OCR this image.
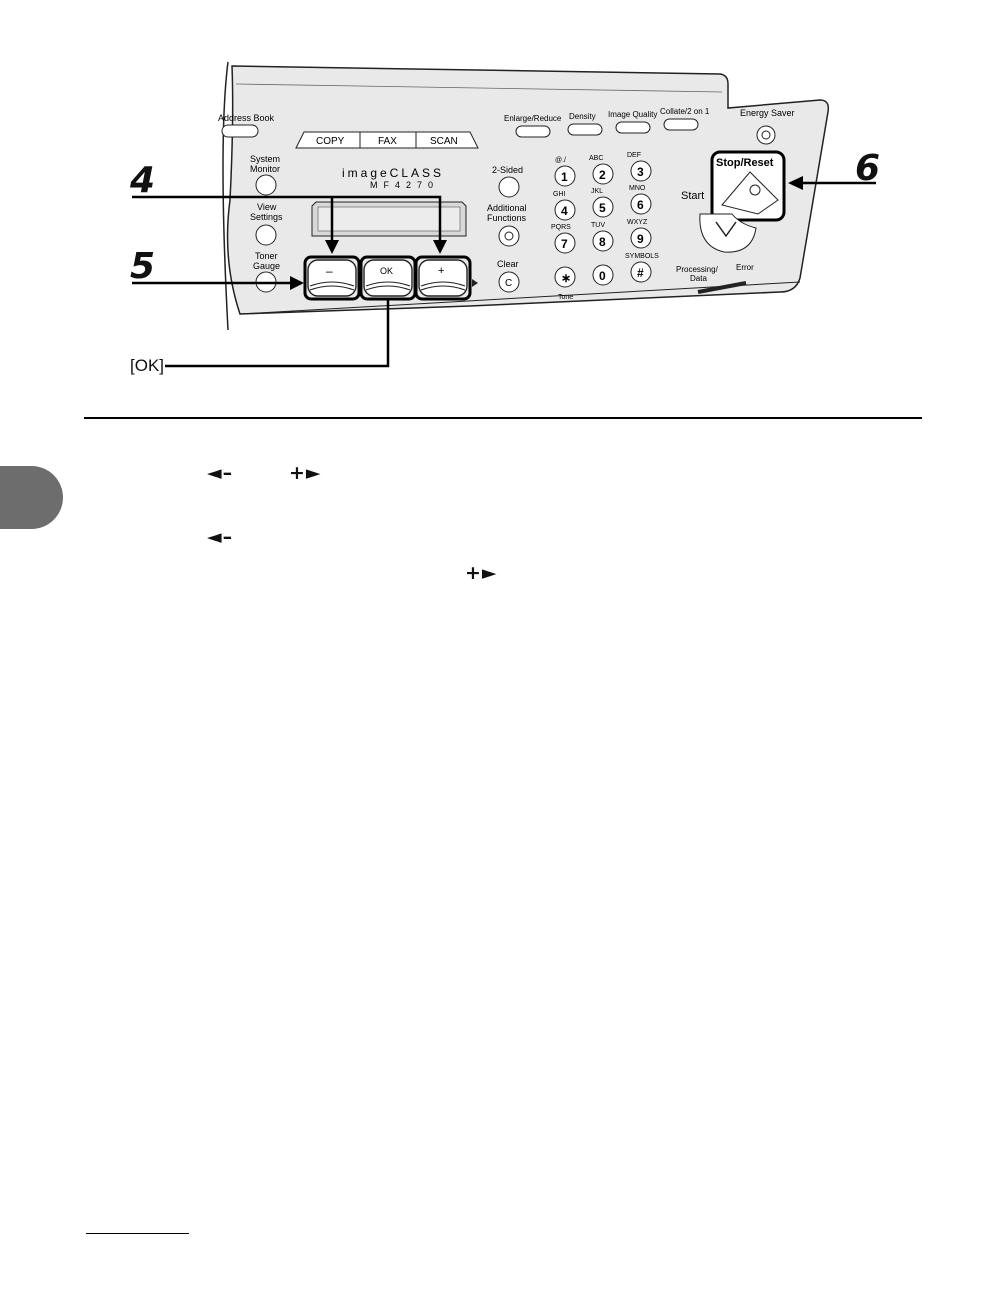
Address Book
COPY	FAX	SCAN
Enlarge/Reduce Density Image Quality Collate/2 on 1	Energy Saver
System
Monitor
View
Settings
Toner
Gauge
imageCLASS
MF4270
–	OK	+
2-Sided
Additional
Functions
Clear
C
1
@./
2
ABC
3
DEF
4
GHI
5
JKL
6
MNO
7
PQRS
8
TUV
9
WXYZ
∗
Tone
0	#
SYMBOLS
Stop/Reset
Start
Processing/
Data
Error
4
5
6
[OK]
◄–	+►
◄–
+►
